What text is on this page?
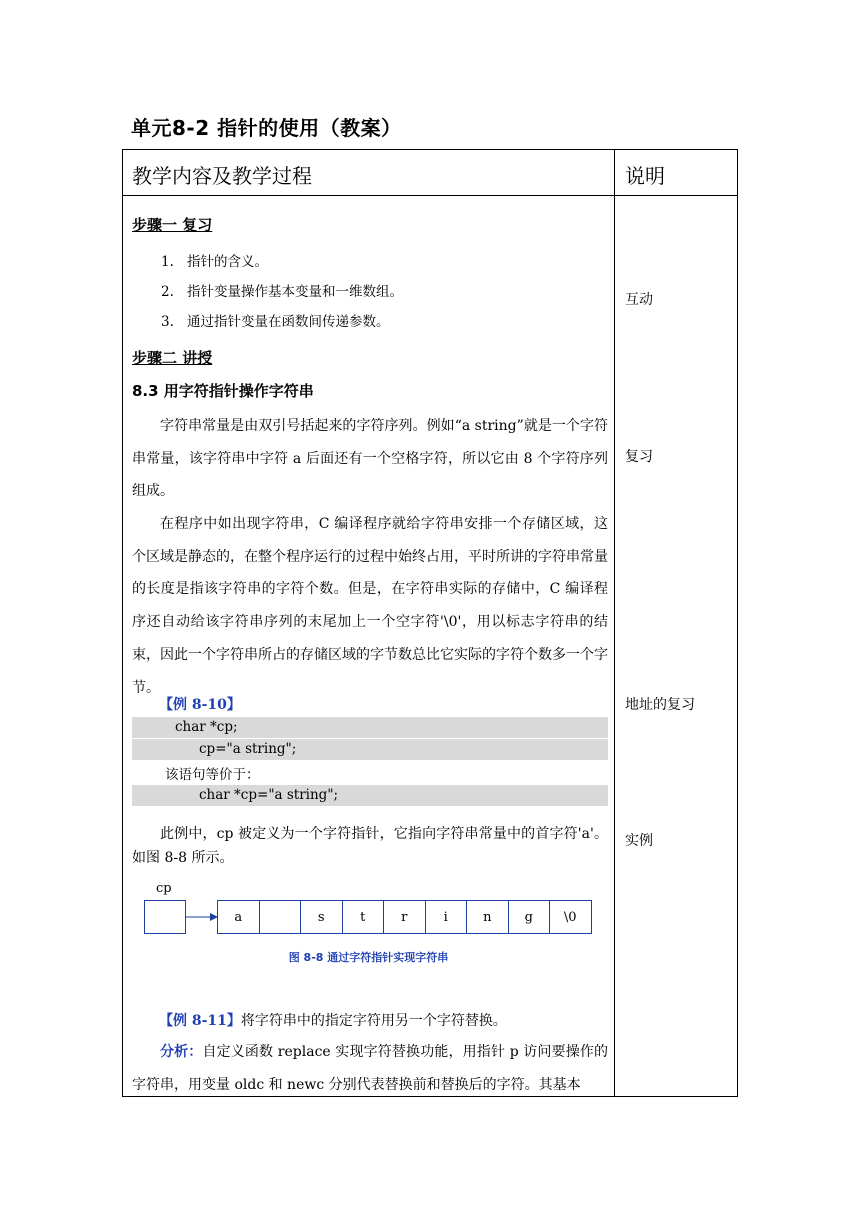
单元8-2 指针的使用（教案）
教学内容及教学过程	说明
步骤一 复习
1. 指针的含义。
2. 指针变量操作基本变量和一维数组。
3. 通过指针变量在函数间传递参数。
步骤二 讲授
8.3 用字符指针操作字符串

字符串常量是由双引号括起来的字符序列。例如“a string”就是一个字符串常量，该字符串中字符 a 后面还有一个空格字符，所以它由 8 个字符序列组成。

在程序中如出现字符串，C 编译程序就给字符串安排一个存储区域，这个区域是静态的，在整个程序运行的过程中始终占用，平时所讲的字符串常量的长度是指该字符串的字符个数。但是，在字符串实际的存储中，C 编译程序还自动给该字符串序列的末尾加上一个空字符'\0'，用以标志字符串的结束，因此一个字符串所占的存储区域的字节数总比它实际的字符个数多一个字节。

【例 8-10】
char *cp;
cp="a string";
该语句等价于：
char *cp="a string";

此例中，cp 被定义为一个字符指针，它指向字符串常量中的首字符'a'。如图 8-8 所示。

cp
a	s	t	r	i	n	g	\0
图 8-8 通过字符指针实现字符串
【例 8-11】将字符串中的指定字符用另一个字符替换。

分析：自定义函数 replace 实现字符替换功能，用指针 p 访问要操作的字符串，用变量 oldc 和 newc 分别代表替换前和替换后的字符。其基本

互动
复习
地址的复习
实例
